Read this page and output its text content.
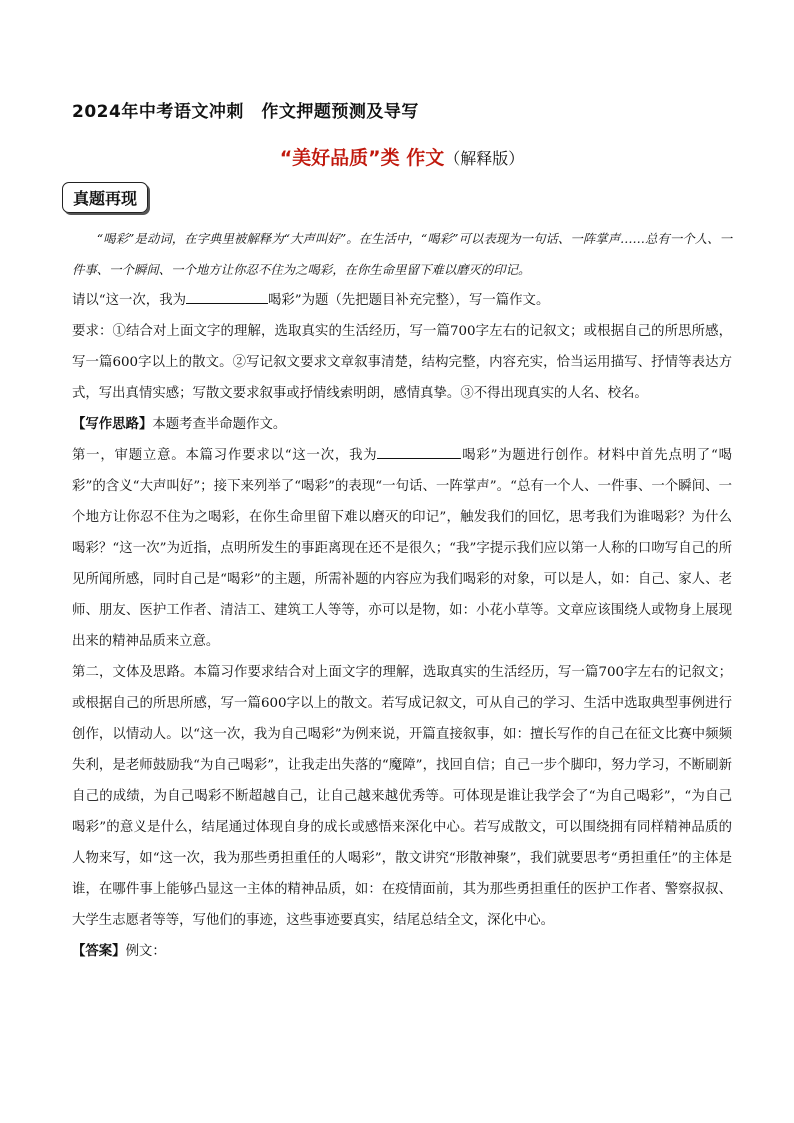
2024年中考语文冲刺　作文押题预测及导写
“美好品质”类 作文（解释版）
真题再现

“喝彩”是动词，在字典里被解释为“大声叫好”。在生活中，“喝彩”可以表现为一句话、一阵掌声……总有一个人、一件事、一个瞬间、一个地方让你忍不住为之喝彩，在你生命里留下难以磨灭的印记。

请以“这一次，我为	喝彩”为题（先把题目补充完整），写一篇作文。

要求：①结合对上面文字的理解，选取真实的生活经历，写一篇700字左右的记叙文；或根据自己的所思所感，写一篇600字以上的散文。②写记叙文要求文章叙事清楚，结构完整，内容充实，恰当运用描写、抒情等表达方式，写出真情实感；写散文要求叙事或抒情线索明朗，感情真挚。③不得出现真实的人名、校名。

【写作思路】本题考查半命题作文。

第一，审题立意。本篇习作要求以“这一次，我为	喝彩”为题进行创作。材料中首先点明了“喝彩”的含义“大声叫好”；接下来列举了“喝彩”的表现“一句话、一阵掌声”。“总有一个人、一件事、一个瞬间、一个地方让你忍不住为之喝彩，在你生命里留下难以磨灭的印记”，触发我们的回忆，思考我们为谁喝彩？为什么喝彩？“这一次”为近指，点明所发生的事距离现在还不是很久；“我”字提示我们应以第一人称的口吻写自己的所见所闻所感，同时自己是“喝彩”的主题，所需补题的内容应为我们喝彩的对象，可以是人，如：自己、家人、老师、朋友、医护工作者、清洁工、建筑工人等等，亦可以是物，如：小花小草等。文章应该围绕人或物身上展现出来的精神品质来立意。

第二，文体及思路。本篇习作要求结合对上面文字的理解，选取真实的生活经历，写一篇700字左右的记叙文；或根据自己的所思所感，写一篇600字以上的散文。若写成记叙文，可从自己的学习、生活中选取典型事例进行创作，以情动人。以“这一次，我为自己喝彩”为例来说，开篇直接叙事，如：擅长写作的自己在征文比赛中频频失利，是老师鼓励我“为自己喝彩”，让我走出失落的“魔障”，找回自信；自己一步个脚印，努力学习，不断刷新自己的成绩，为自己喝彩不断超越自己，让自己越来越优秀等。可体现是谁让我学会了“为自己喝彩”，“为自己喝彩”的意义是什么，结尾通过体现自身的成长或感悟来深化中心。若写成散文，可以围绕拥有同样精神品质的人物来写，如“这一次，我为那些勇担重任的人喝彩”，散文讲究“形散神聚”，我们就要思考“勇担重任”的主体是谁，在哪件事上能够凸显这一主体的精神品质，如：在疫情面前，其为那些勇担重任的医护工作者、警察叔叔、大学生志愿者等等，写他们的事迹，这些事迹要真实，结尾总结全文，深化中心。

【答案】例文：
